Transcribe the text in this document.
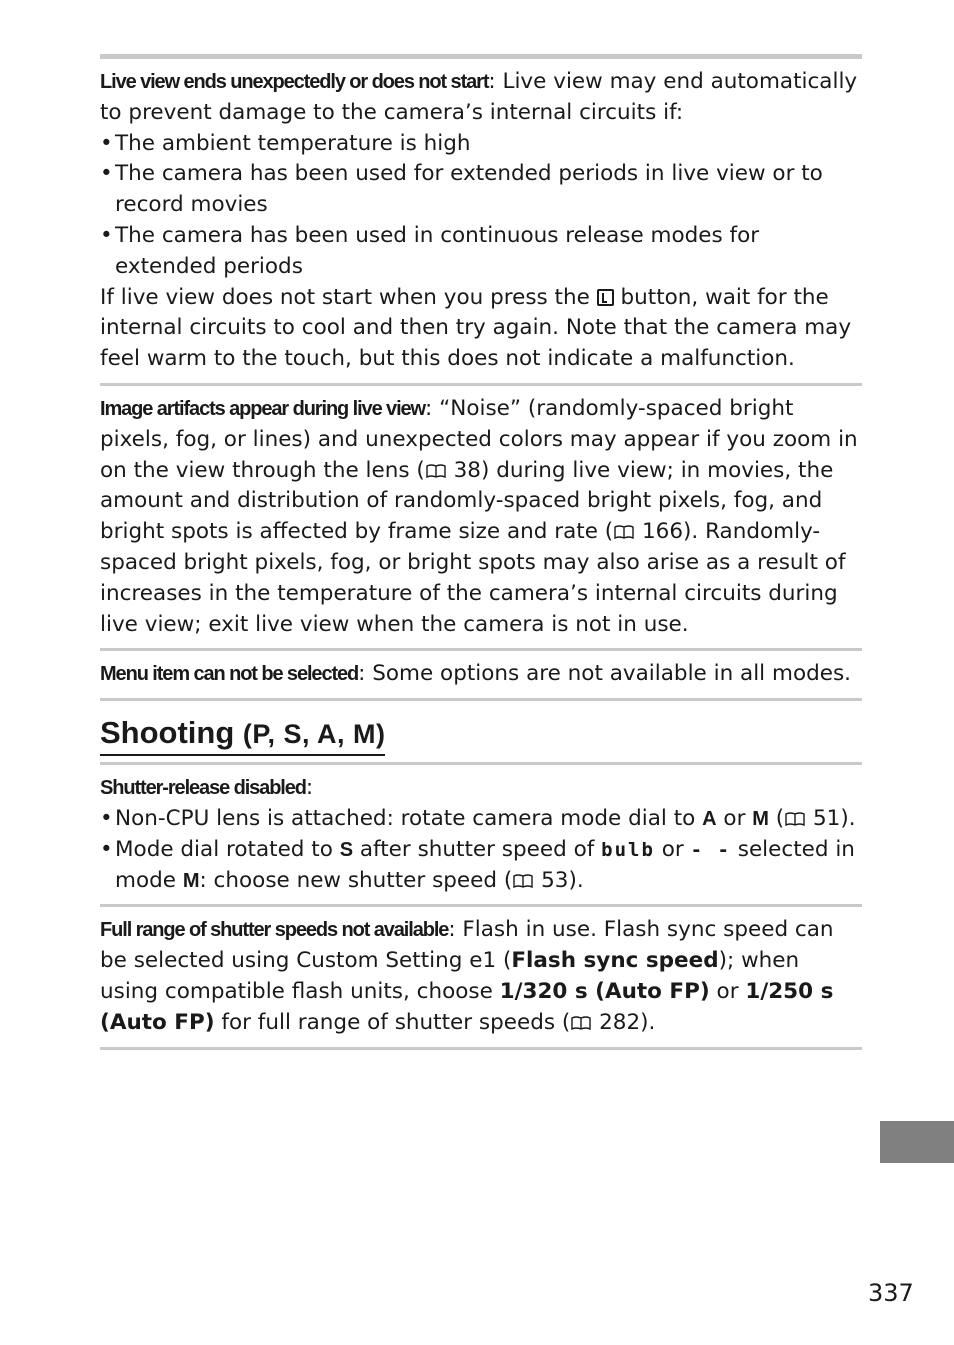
Live view ends unexpectedly or does not start: Live view may end automatically to prevent damage to the camera’s internal circuits if:
• The ambient temperature is high
• The camera has been used for extended periods in live view or to record movies
• The camera has been used in continuous release modes for extended periods
If live view does not start when you press the  button, wait for the internal circuits to cool and then try again. Note that the camera may feel warm to the touch, but this does not indicate a malfunction.
Image artifacts appear during live view: “Noise” (randomly-spaced bright pixels, fog, or lines) and unexpected colors may appear if you zoom in on the view through the lens ( 38) during live view; in movies, the amount and distribution of randomly-spaced bright pixels, fog, and bright spots is affected by frame size and rate ( 166). Randomly-spaced bright pixels, fog, or bright spots may also arise as a result of increases in the temperature of the camera’s internal circuits during live view; exit live view when the camera is not in use.
Menu item can not be selected: Some options are not available in all modes.
Shooting (P, S, A, M)
Shutter-release disabled:
• Non-CPU lens is attached: rotate camera mode dial to A or M ( 51).
• Mode dial rotated to S after shutter speed of bulb or - - selected in mode M: choose new shutter speed ( 53).
Full range of shutter speeds not available: Flash in use. Flash sync speed can be selected using Custom Setting e1 (Flash sync speed); when using compatible flash units, choose 1/320 s (Auto FP) or 1/250 s (Auto FP) for full range of shutter speeds ( 282).
337
